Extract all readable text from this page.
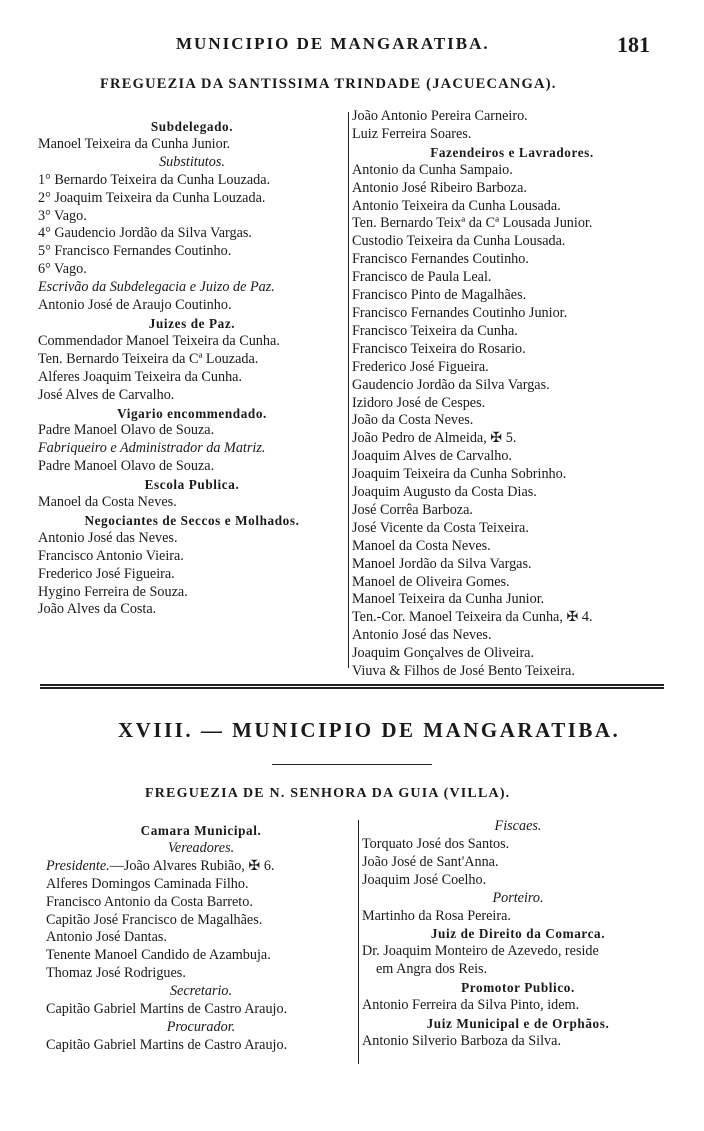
MUNICIPIO DE MANGARATIBA.	181
FREGUEZIA DA SANTISSIMA TRINDADE (JACUECANGA).
Subdelegado.
Manoel Teixeira da Cunha Junior.
Substitutos.
1° Bernardo Teixeira da Cunha Louzada.
2° Joaquim Teixeira da Cunha Louzada.
3° Vago.
4° Gaudencio Jordão da Silva Vargas.
5° Francisco Fernandes Coutinho.
6° Vago.
Escrivão da Subdelegacia e Juizo de Paz.
Antonio José de Araujo Coutinho.
Juizes de Paz.
Commendador Manoel Teixeira da Cunha.
Ten. Bernardo Teixeira da Cª Louzada.
Alferes Joaquim Teixeira da Cunha.
José Alves de Carvalho.
Vigario encommendado.
Padre Manoel Olavo de Souza.
Fabriqueiro e Administrador da Matriz.
Padre Manoel Olavo de Souza.
Escola Publica.
Manoel da Costa Neves.
Negociantes de Seccos e Molhados.
Antonio José das Neves.
Francisco Antonio Vieira.
Frederico José Figueira.
Hygino Ferreira de Souza.
João Alves da Costa.
João Antonio Pereira Carneiro.
Luiz Ferreira Soares.
Fazendeiros e Lavradores.
Antonio da Cunha Sampaio.
Antonio José Ribeiro Barboza.
Antonio Teixeira da Cunha Lousada.
Ten. Bernardo Teixª da Cª Lousada Junior.
Custodio Teixeira da Cunha Lousada.
Francisco Fernandes Coutinho.
Francisco de Paula Leal.
Francisco Pinto de Magalhães.
Francisco Fernandes Coutinho Junior.
Francisco Teixeira da Cunha.
Francisco Teixeira do Rosario.
Frederico José Figueira.
Gaudencio Jordão da Silva Vargas.
Izidoro José de Cespes.
João da Costa Neves.
João Pedro de Almeida, ✠ 5.
Joaquim Alves de Carvalho.
Joaquim Teixeira da Cunha Sobrinho.
Joaquim Augusto da Costa Dias.
José Corrêa Barboza.
José Vicente da Costa Teixeira.
Manoel da Costa Neves.
Manoel Jordão da Silva Vargas.
Manoel de Oliveira Gomes.
Manoel Teixeira da Cunha Junior.
Ten.-Cor. Manoel Teixeira da Cunha, ✠ 4.
Antonio José das Neves.
Joaquim Gonçalves de Oliveira.
Viuva & Filhos de José Bento Teixeira.
XVIII. — MUNICIPIO DE MANGARATIBA.
FREGUEZIA DE N. SENHORA DA GUIA (VILLA).
Camara Municipal.
Vereadores.
Presidente.—João Alvares Rubião, ✠ 6.
Alferes Domingos Caminada Filho.
Francisco Antonio da Costa Barreto.
Capitão José Francisco de Magalhães.
Antonio José Dantas.
Tenente Manoel Candido de Azambuja.
Thomaz José Rodrigues.
Secretario.
Capitão Gabriel Martins de Castro Araujo.
Procurador.
Capitão Gabriel Martins de Castro Araujo.
Fiscaes.
Torquato José dos Santos.
João José de Sant'Anna.
Joaquim José Coelho.
Porteiro.
Martinho da Rosa Pereira.
Juiz de Direito da Comarca.
Dr. Joaquim Monteiro de Azevedo, reside
em Angra dos Reis.
Promotor Publico.
Antonio Ferreira da Silva Pinto, idem.
Juiz Municipal e de Orphãos.
Antonio Silverio Barboza da Silva.
